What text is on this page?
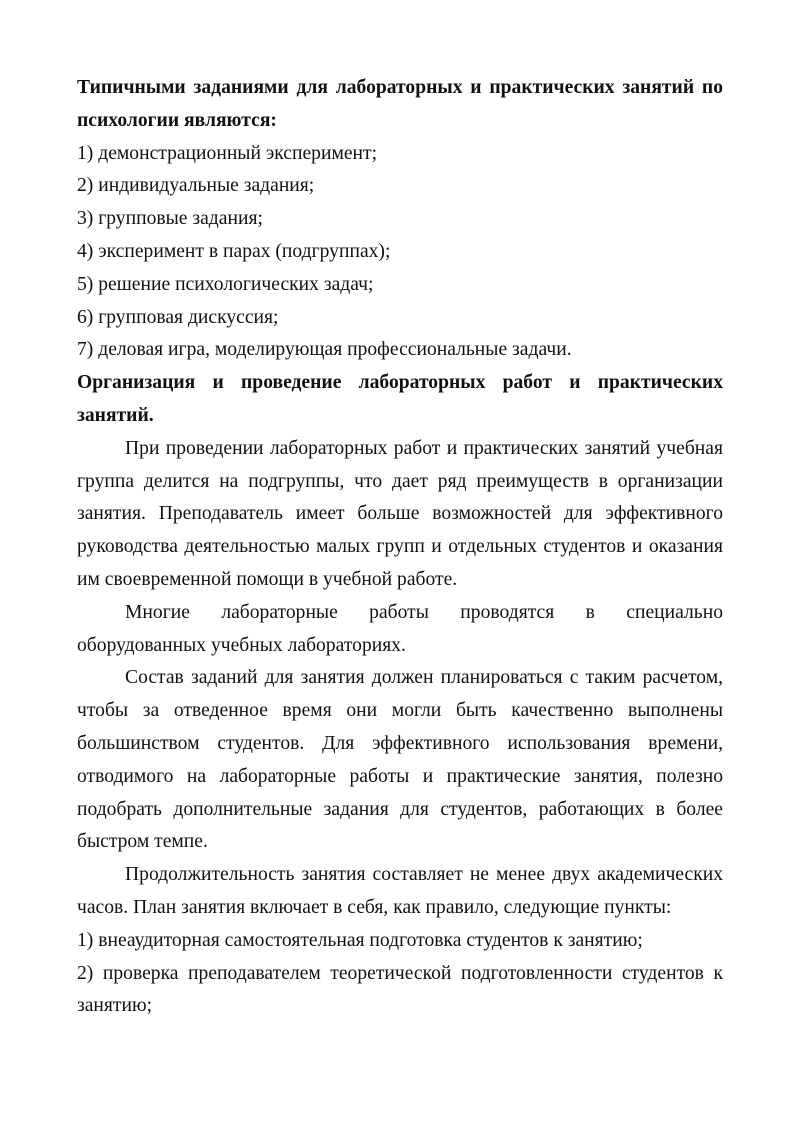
Типичными заданиями для лабораторных и практических занятий по психологии являются:

1) демонстрационный эксперимент;

2) индивидуальные задания;

3) групповые задания;

4) эксперимент в парах (подгруппах);

5) решение психологических задач;

6) групповая дискуссия;

7) деловая игра, моделирующая профессиональные задачи.

Организация и проведение лабораторных работ и практических занятий.

При проведении лабораторных работ и практических занятий учебная группа делится на подгруппы, что дает ряд преимуществ в организации занятия. Преподаватель имеет больше возможностей для эффективного руководства деятельностью малых групп и отдельных студентов и оказания им своевременной помощи в учебной работе.

Многие лабораторные работы проводятся в специально оборудованных учебных лабораториях.

Состав заданий для занятия должен планироваться с таким расчетом, чтобы за отведенное время они могли быть качественно выполнены большинством студентов. Для эффективного использования времени, отводимого на лабораторные работы и практические занятия, полезно подобрать дополнительные задания для студентов, работающих в более быстром темпе.

Продолжительность занятия составляет не менее двух академических часов. План занятия включает в себя, как правило, следующие пункты:

1) внеаудиторная самостоятельная подготовка студентов к занятию;

2) проверка преподавателем теоретической подготовленности студентов к занятию;
